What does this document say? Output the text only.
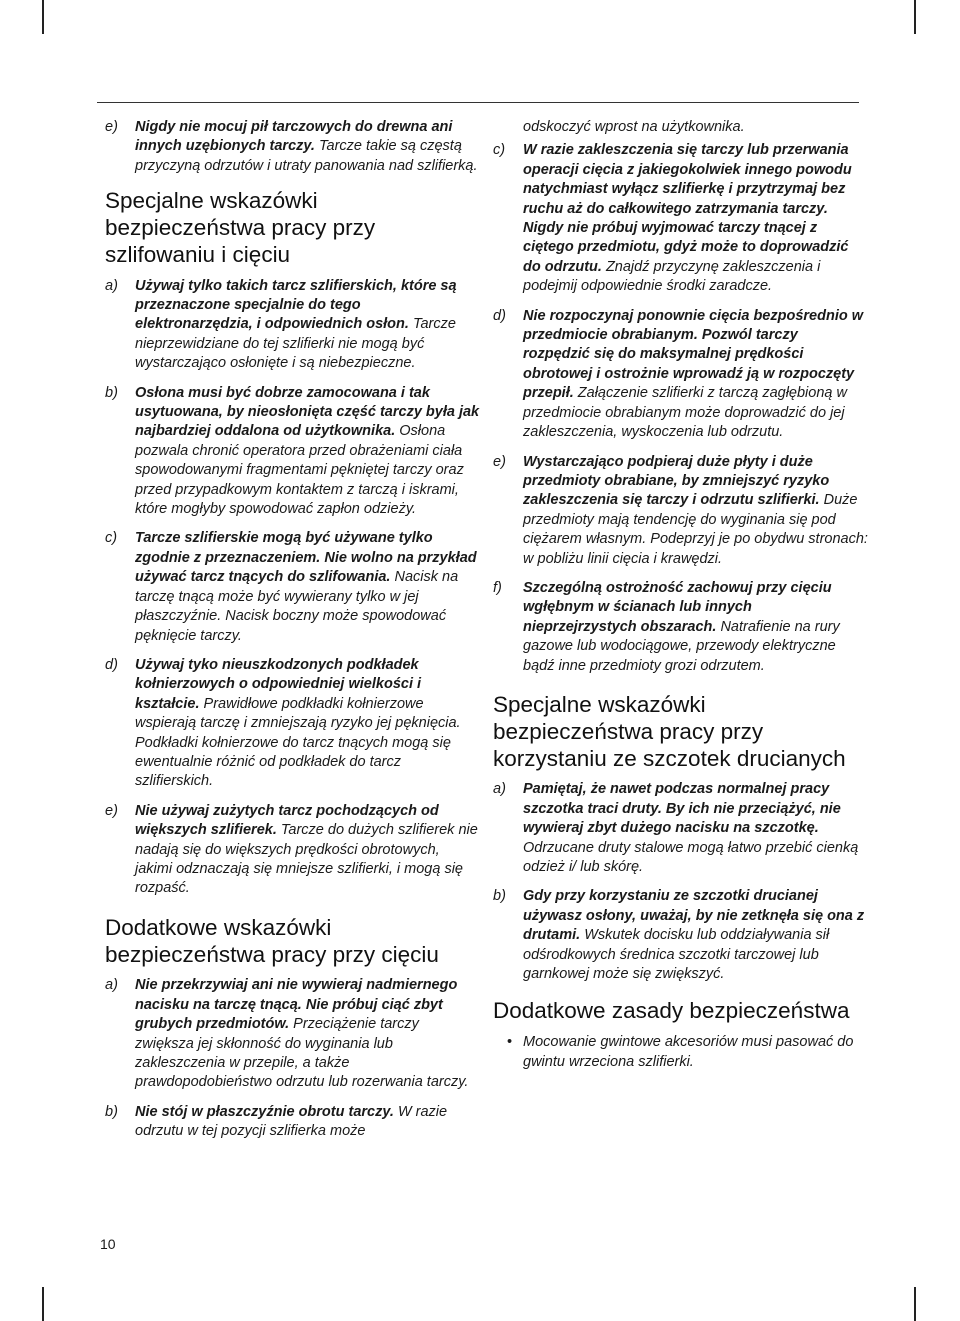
e) Nigdy nie mocuj pił tarczowych do drewna ani innych uzębionych tarczy. Tarcze takie są częstą przyczyną odrzutów i utraty panowania nad szlifierką.
Specjalne wskazówki bezpieczeństwa pracy przy szlifowaniu i cięciu
a) Używaj tylko takich tarcz szlifierskich, które są przeznaczone specjalnie do tego elektronarzędzia, i odpowiednich osłon. Tarcze nieprzewidziane do tej szlifierki nie mogą być wystarczająco osłonięte i są niebezpieczne.
b) Osłona musi być dobrze zamocowana i tak usytuowana, by nieosłonięta część tarczy była jak najbardziej oddalona od użytkownika. Osłona pozwala chronić operatora przed obrażeniami ciała spowodowanymi fragmentami pękniętej tarczy oraz przed przypadkowym kontaktem z tarczą i iskrami, które mogłyby spowodować zapłon odzieży.
c) Tarcze szlifierskie mogą być używane tylko zgodnie z przeznaczeniem. Nie wolno na przykład używać tarcz tnących do szlifowania. Nacisk na tarczę tnącą może być wywierany tylko w jej płaszczyźnie. Nacisk boczny może spowodować pęknięcie tarczy.
d) Używaj tyko nieuszkodzonych podkładek kołnierzowych o odpowiedniej wielkości i kształcie. Prawidłowe podkładki kołnierzowe wspierają tarczę i zmniejszają ryzyko jej pęknięcia. Podkładki kołnierzowe do tarcz tnących mogą się ewentualnie różnić od podkładek do tarcz szlifierskich.
e) Nie używaj zużytych tarcz pochodzących od większych szlifierek. Tarcze do dużych szlifierek nie nadają się do większych prędkości obrotowych, jakimi odznaczają się mniejsze szlifierki, i mogą się rozpaść.
Dodatkowe wskazówki bezpieczeństwa pracy przy cięciu
a) Nie przekrzywiaj ani nie wywieraj nadmiernego nacisku na tarczę tnącą. Nie próbuj ciąć zbyt grubych przedmiotów. Przeciążenie tarczy zwiększa jej skłonność do wyginania lub zakleszczenia w przepile, a także prawdopodobieństwo odrzutu lub rozerwania tarczy.
b) Nie stój w płaszczyźnie obrotu tarczy. W razie odrzutu w tej pozycji szlifierka może
odskoczyć wprost na użytkownika.
c) W razie zakleszczenia się tarczy lub przerwania operacji cięcia z jakiegokolwiek innego powodu natychmiast wyłącz szlifierkę i przytrzymaj bez ruchu aż do całkowitego zatrzymania tarczy. Nigdy nie próbuj wyjmować tarczy tnącej z ciętego przedmiotu, gdyż może to doprowadzić do odrzutu. Znajdź przyczynę zakleszczenia i podejmij odpowiednie środki zaradcze.
d) Nie rozpoczynaj ponownie cięcia bezpośrednio w przedmiocie obrabianym. Pozwól tarczy rozpędzić się do maksymalnej prędkości obrotowej i ostrożnie wprowadź ją w rozpoczęty przepił. Załączenie szlifierki z tarczą zagłębioną w przedmiocie obrabianym może doprowadzić do jej zakleszczenia, wyskoczenia lub odrzutu.
e) Wystarczająco podpieraj duże płyty i duże przedmioty obrabiane, by zmniejszyć ryzyko zakleszczenia się tarczy i odrzutu szlifierki. Duże przedmioty mają tendencję do wyginania się pod ciężarem własnym. Podeprzyj je po obydwu stronach: w pobliżu linii cięcia i krawędzi.
f) Szczególną ostrożność zachowuj przy cięciu wgłębnym w ścianach lub innych nieprzejrzystych obszarach. Natrafienie na rury gazowe lub wodociągowe, przewody elektryczne bądź inne przedmioty grozi odrzutem.
Specjalne wskazówki bezpieczeństwa pracy przy korzystaniu ze szczotek drucianych
a) Pamiętaj, że nawet podczas normalnej pracy szczotka traci druty. By ich nie przeciążyć, nie wywieraj zbyt dużego nacisku na szczotkę. Odrzucane druty stalowe mogą łatwo przebić cienką odzież i/ lub skórę.
b) Gdy przy korzystaniu ze szczotki drucianej używasz osłony, uważaj, by nie zetknęła się ona z drutami. Wskutek docisku lub oddziaływania sił odśrodkowych średnica szczotki tarczowej lub garnkowej może się zwiększyć.
Dodatkowe zasady bezpieczeństwa
• Mocowanie gwintowe akcesoriów musi pasować do gwintu wrzeciona szlifierki.
10
